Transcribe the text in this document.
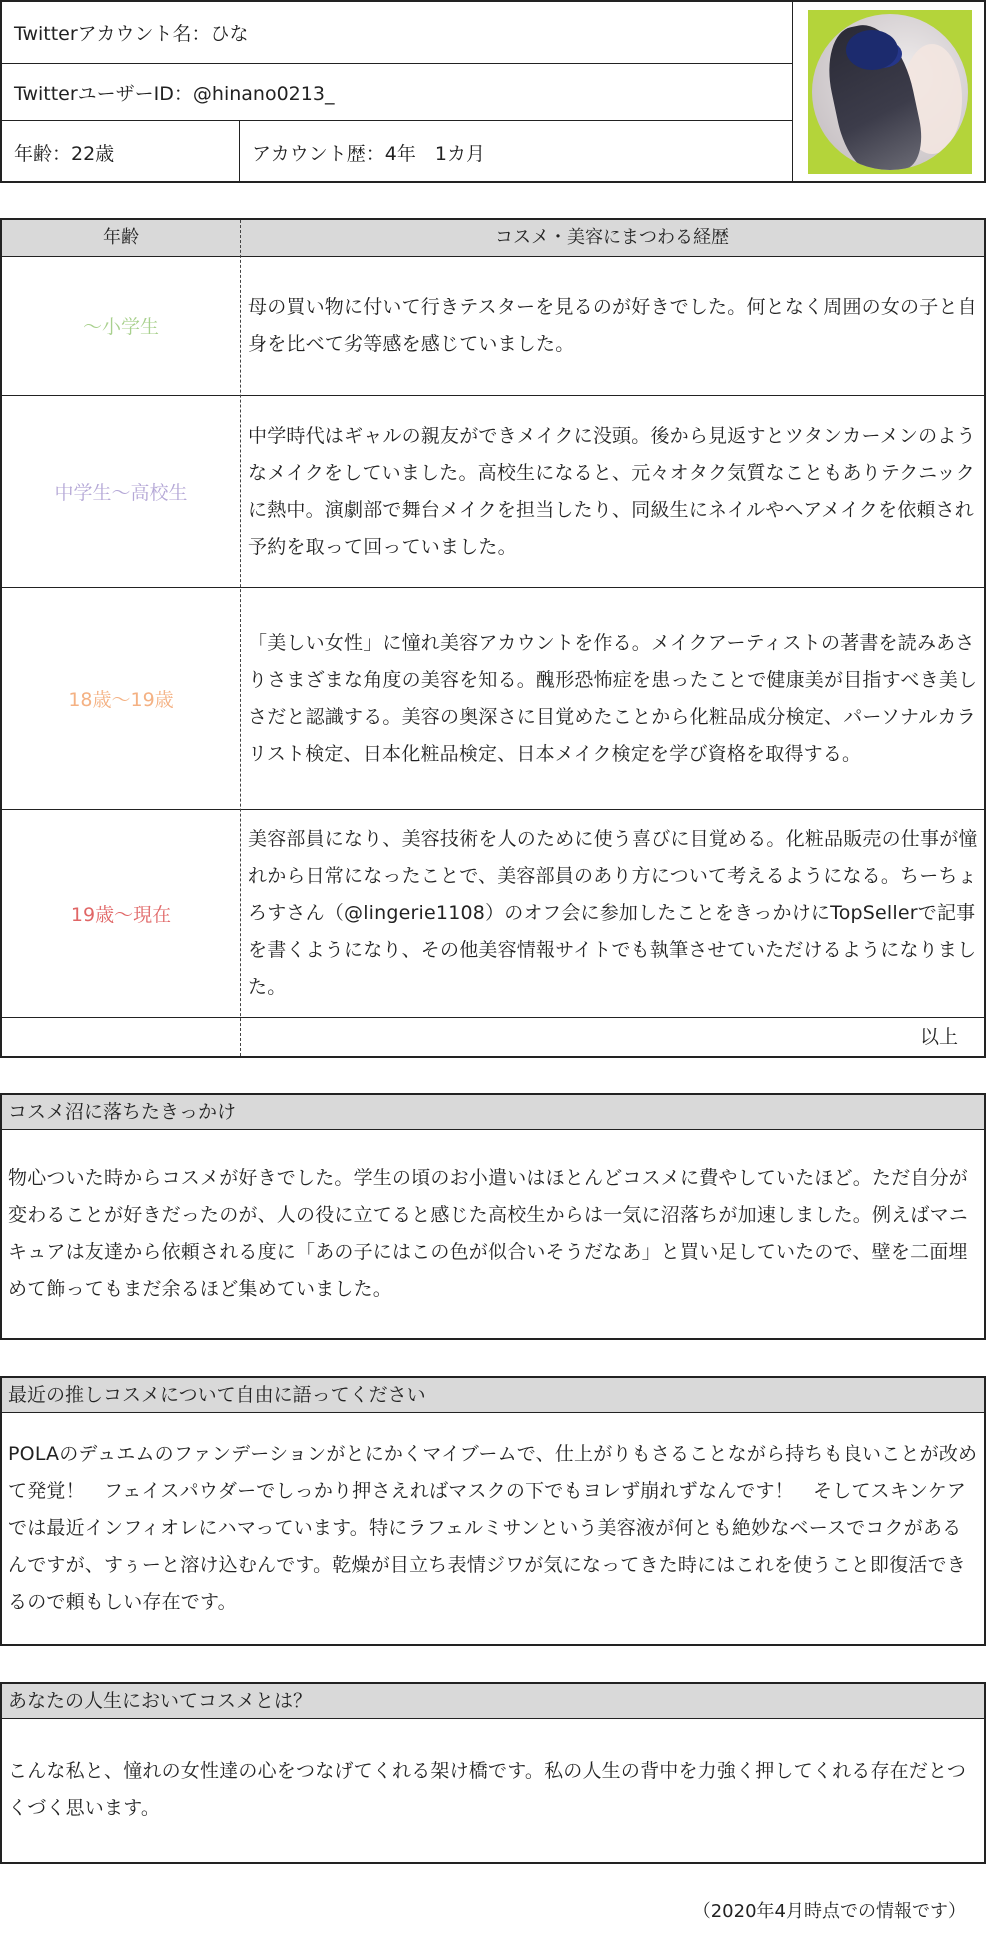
Twitterアカウント名：ひな
TwitterユーザーID：@hinano0213_
年齢：22歳	アカウント歴：4年　1カ月
年齢	コスメ・美容にまつわる経歴
〜小学生
母の買い物に付いて行きテスターを見るのが好きでした。何となく周囲の女の子と自身を比べて劣等感を感じていました。
中学生〜高校生
中学時代はギャルの親友ができメイクに没頭。後から見返すとツタンカーメンのようなメイクをしていました。高校生になると、元々オタク気質なこともありテクニックに熱中。演劇部で舞台メイクを担当したり、同級生にネイルやヘアメイクを依頼され予約を取って回っていました。
18歳〜19歳
「美しい女性」に憧れ美容アカウントを作る。メイクアーティストの著書を読みあさりさまざまな角度の美容を知る。醜形恐怖症を患ったことで健康美が目指すべき美しさだと認識する。美容の奥深さに目覚めたことから化粧品成分検定、パーソナルカラリスト検定、日本化粧品検定、日本メイク検定を学び資格を取得する。
19歳〜現在
美容部員になり、美容技術を人のために使う喜びに目覚める。化粧品販売の仕事が憧れから日常になったことで、美容部員のあり方について考えるようになる。ちーちょろすさん（@lingerie1108）のオフ会に参加したことをきっかけにTopSellerで記事を書くようになり、その他美容情報サイトでも執筆させていただけるようになりました。
以上
コスメ沼に落ちたきっかけ
物心ついた時からコスメが好きでした。学生の頃のお小遣いはほとんどコスメに費やしていたほど。ただ自分が変わることが好きだったのが、人の役に立てると感じた高校生からは一気に沼落ちが加速しました。例えばマニキュアは友達から依頼される度に「あの子にはこの色が似合いそうだなあ」と買い足していたので、壁を二面埋めて飾ってもまだ余るほど集めていました。
最近の推しコスメについて自由に語ってください
POLAのデュエムのファンデーションがとにかくマイブームで、仕上がりもさることながら持ちも良いことが改めて発覚！　フェイスパウダーでしっかり押さえればマスクの下でもヨレず崩れずなんです！　そしてスキンケアでは最近インフィオレにハマっています。特にラフェルミサンという美容液が何とも絶妙なベースでコクがあるんですが、すぅーと溶け込むんです。乾燥が目立ち表情ジワが気になってきた時にはこれを使うこと即復活できるので頼もしい存在です。
あなたの人生においてコスメとは？
こんな私と、憧れの女性達の心をつなげてくれる架け橋です。私の人生の背中を力強く押してくれる存在だとつくづく思います。
（2020年4月時点での情報です）
